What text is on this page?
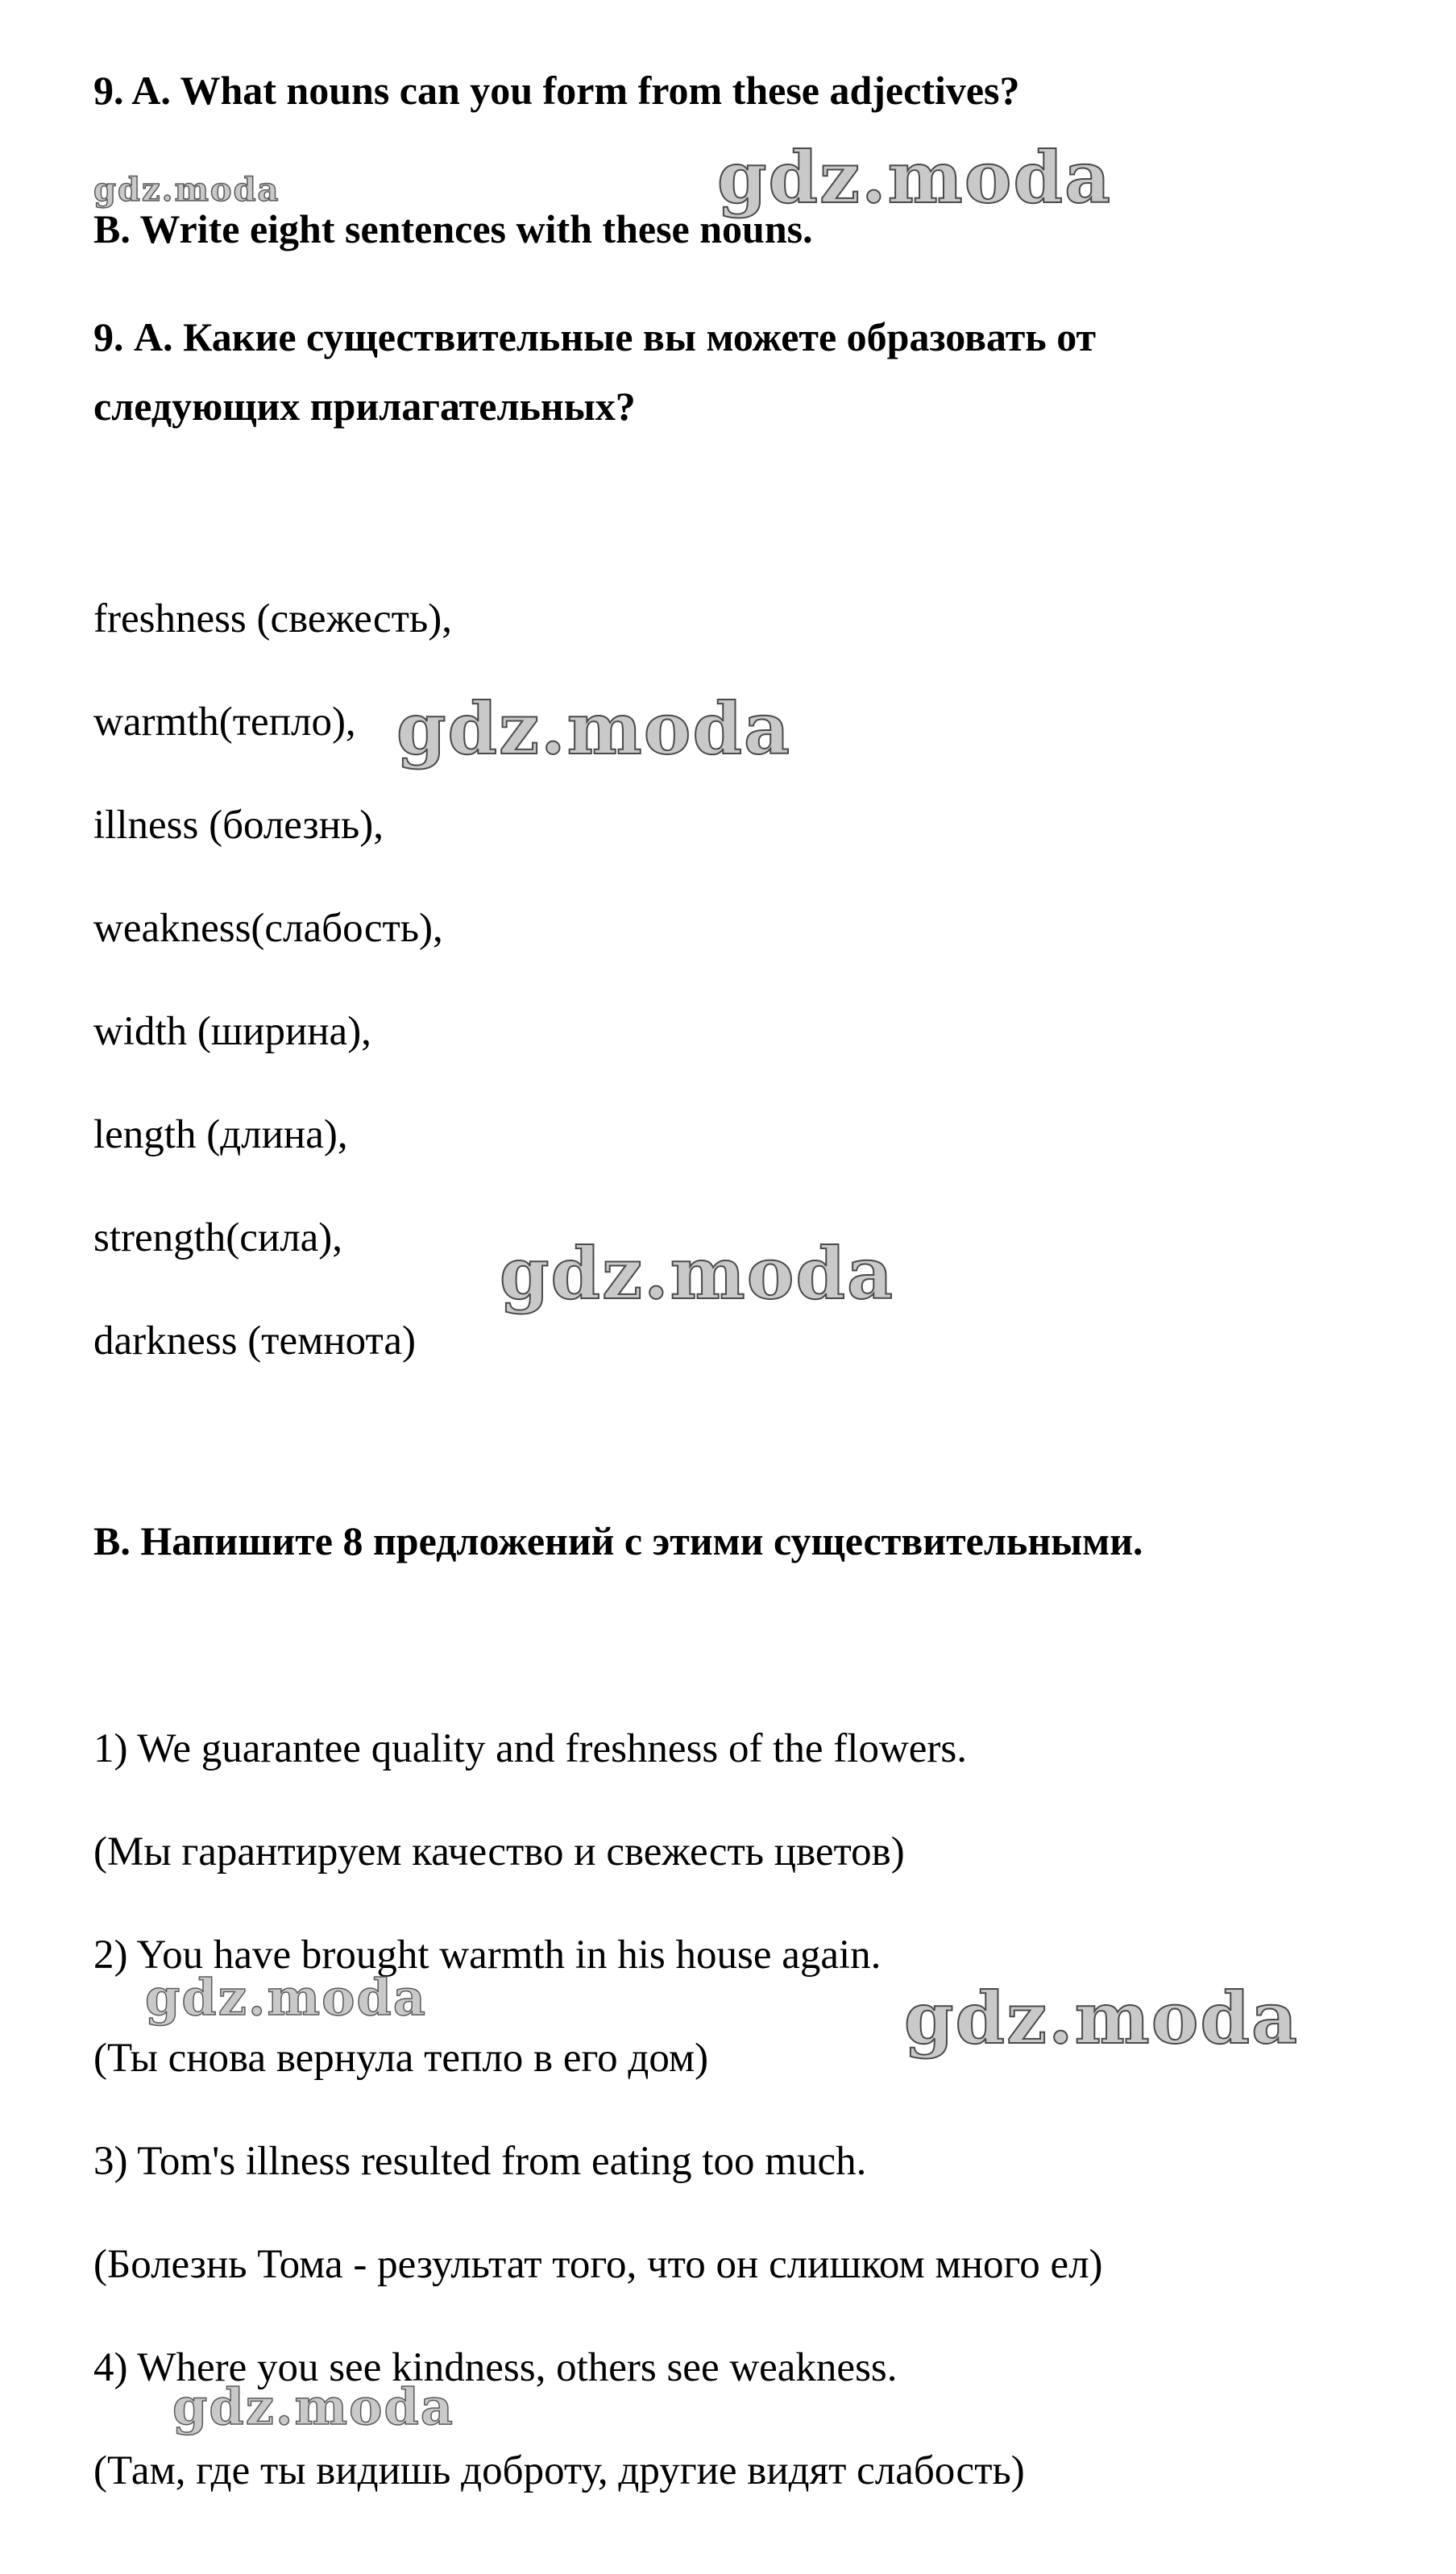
9. A. What nouns can you form from these adjectives?
B. Write eight sentences with these nouns.
9. А. Какие существительные вы можете образовать от
следующих прилагательных?
freshness (свежесть),
warmth(тепло),
illness (болезнь),
weakness(слабость),
width (ширина),
length (длина),
strength(сила),
darkness (темнота)
B. Напишите 8 предложений с этими существительными.
1) We guarantee quality and freshness of the flowers.
(Мы гарантируем качество и свежесть цветов)
2) You have brought warmth in his house again.
(Ты снова вернула тепло в его дом)
3) Tom's illness resulted from eating too much.
(Болезнь Тома - результат того, что он слишком много ел)
4) Where you see kindness, others see weakness.
(Там, где ты видишь доброту, другие видят слабость)
gdz.moda	gdz.moda
gdz.moda
gdz.moda
gdz.moda	gdz.moda
gdz.moda
